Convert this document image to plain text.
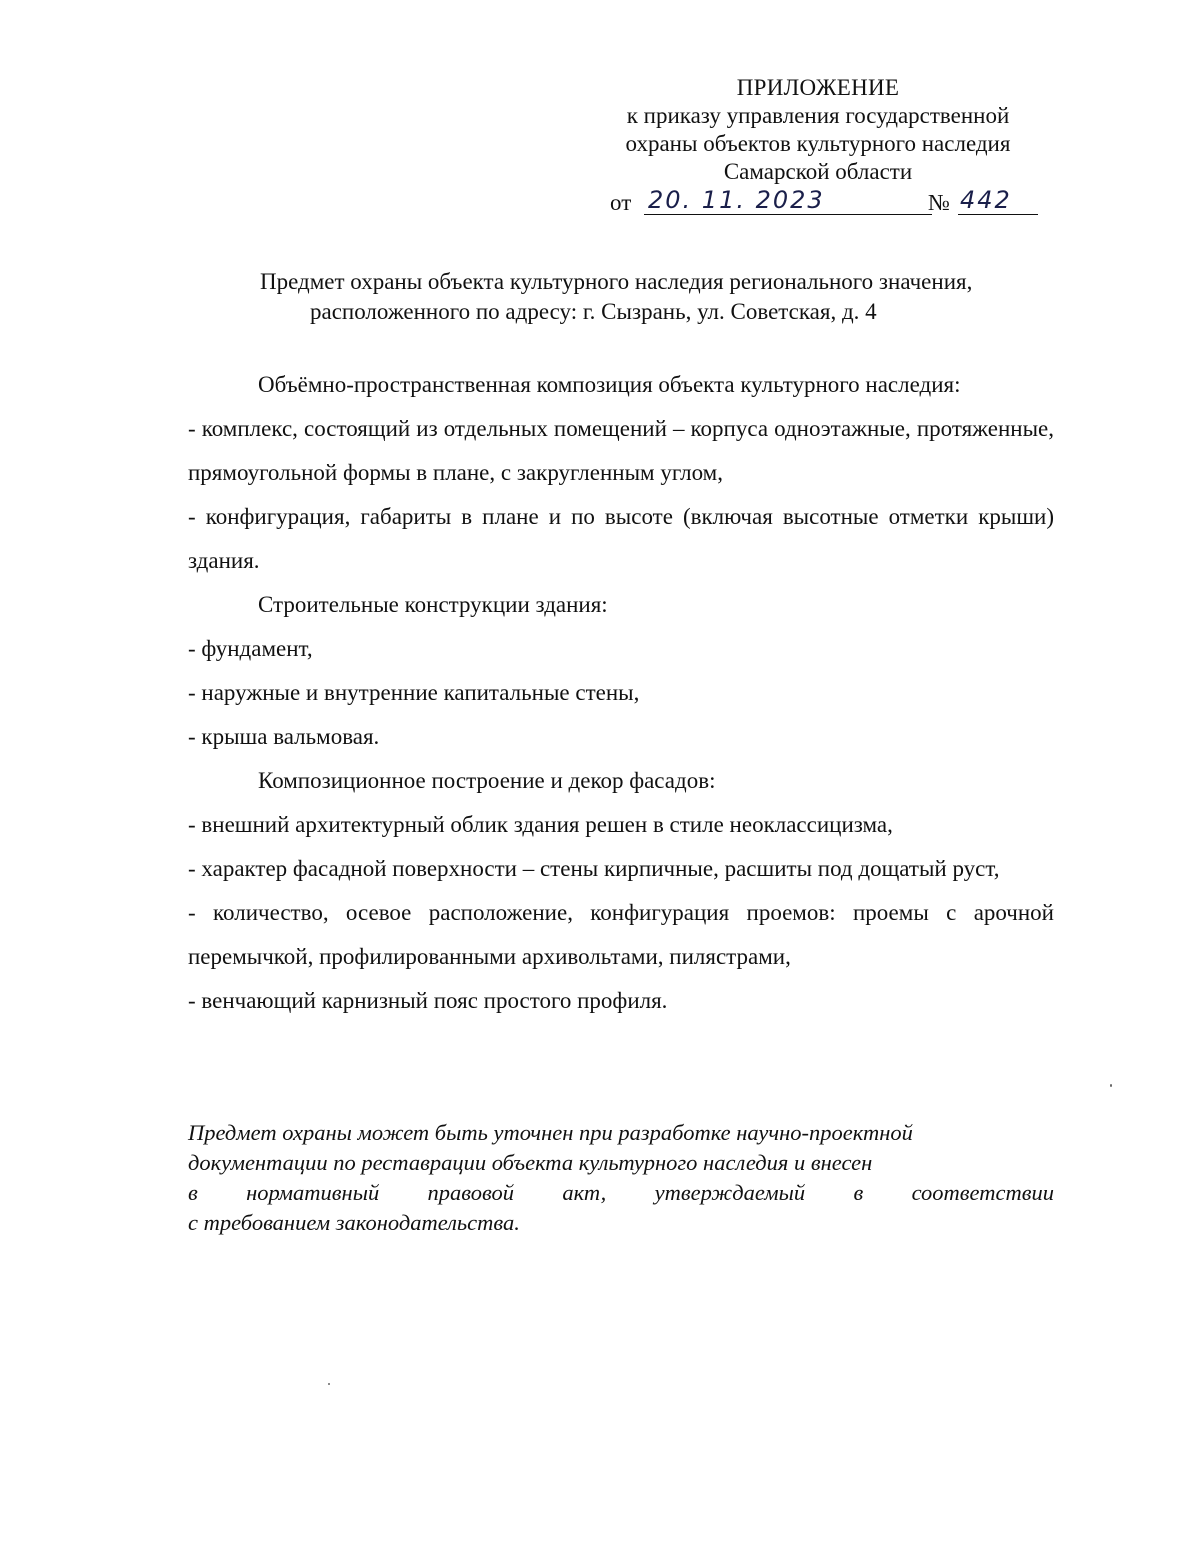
ПРИЛОЖЕНИЕ
к приказу управления государственной
охраны объектов культурного наследия
Самарской области
от 20. 11. 2023	№ 442
Предмет охраны объекта культурного наследия регионального значения,
расположенного по адресу: г. Сызрань, ул. Советская, д. 4

Объёмно-пространственная композиция объекта культурного наследия:

- комплекс, состоящий из отдельных помещений – корпуса одноэтажные, протяженные, прямоугольной формы в плане, с закругленным углом,

- конфигурация, габариты в плане и по высоте (включая высотные отметки крыши) здания.

Строительные конструкции здания:

- фундамент,

- наружные и внутренние капитальные стены,

- крыша вальмовая.

Композиционное построение и декор фасадов:

- внешний архитектурный облик здания решен в стиле неоклассицизма,

- характер фасадной поверхности – стены кирпичные, расшиты под дощатый руст,

- количество, осевое расположение, конфигурация проемов: проемы с арочной перемычкой, профилированными архивольтами, пилястрами,

- венчающий карнизный пояс простого профиля.

Предмет охраны может быть уточнен при разработке научно-проектной
документации по реставрации объекта культурного наследия и внесен
в нормативный правовой акт, утверждаемый в соответствии
с требованием законодательства.
